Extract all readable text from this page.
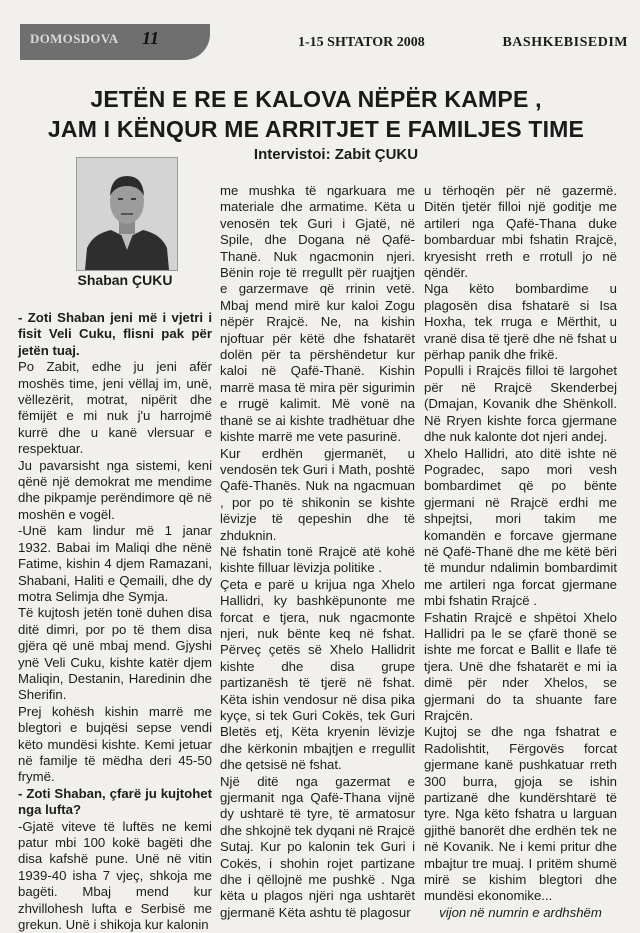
DOMOSDOVA 11	1-15 SHTATOR 2008	BASHKEBISEDIM
JETËN E RE E KALOVA NËPËR KAMPE ,
JAM I KËNQUR ME ARRITJET E FAMILJES TIME
Intervistoi: Zabit ÇUKU
Shaban ÇUKU

- Zoti Shaban jeni më i vjetri i fisit Veli Cuku, flisni pak për jetën tuaj.

Po Zabit, edhe ju jeni afër moshës time, jeni vëllaj im, unë, vëllezërit, motrat, nipërit dhe fëmijët e mi nuk j'u harrojmë kurrë dhe u kanë vlersuar e respektuar.

Ju pavarsisht nga sistemi, keni qënë një demokrat me mendime dhe pikpamje perëndimore që në moshën e vogël.

-Unë kam lindur më 1 janar 1932. Babai im Maliqi dhe nënë Fatime, kishin 4 djem Ramazani, Shabani, Haliti e Qemaili, dhe dy motra Selimja dhe Symja.

Të kujtosh jetën tonë duhen disa ditë dimri, por po të them disa gjëra që unë mbaj mend. Gjyshi ynë Veli Cuku, kishte katër djem Maliqin, Destanin, Haredinin dhe Sherifin.

Prej kohësh kishin marrë me blegtori e bujqësi sepse vendi këto mundësi kishte. Kemi jetuar në familje të mëdha deri 45-50 frymë.

- Zoti Shaban, çfarë ju kujtohet nga lufta?

-Gjatë viteve të luftës ne kemi patur mbi 100 kokë bagëti dhe disa kafshë pune. Unë në vitin 1939-40 isha 7 vjeç, shkoja me bagëti. Mbaj mend kur zhvillohesh lufta e Serbisë me grekun. Unë i shikoja kur kalonin

me mushka të ngarkuara me materiale dhe armatime. Këta u venosën tek Guri i Gjatë, në Spile, dhe Dogana në Qafë-Thanë. Nuk ngacmonin njeri. Bënin roje të rregullt për ruajtjen e garzermave që rrinin vetë. Mbaj mend mirë kur kaloi Zogu nëpër Rrajcë. Ne, na kishin njoftuar për këtë dhe fshatarët dolën për ta përshëndetur kur kaloi në Qafë-Thanë. Kishin marrë masa të mira për sigurimin e rrugë kalimit. Më vonë na thanë se ai kishte tradhëtuar dhe kishte marrë me vete pasurinë.

Kur erdhën gjermanët, u vendosën tek Guri i Math, poshtë Qafë-Thanës. Nuk na ngacmuan , por po të shikonin se kishte lëvizje të qepeshin dhe të zhduknin.

Në fshatin tonë Rrajcë atë kohë kishte filluar lëvizja politike .

Çeta e parë u krijua nga Xhelo Hallidri, ky bashkëpunonte me forcat e tjera, nuk ngacmonte njeri, nuk bënte keq në fshat. Përveç çetës së Xhelo Hallidrit kishte dhe disa grupe partizanësh të tjerë në fshat. Këta ishin vendosur në disa pika kyçe, si tek Guri Cokës, tek Guri Bletës etj, Këta kryenin lëvizje dhe kërkonin mbajtjen e rregullit dhe qetsisë në fshat.

Një ditë nga gazermat e gjermanit nga Qafë-Thana vijnë dy ushtarë të tyre, të armatosur dhe shkojnë tek dyqani në Rrajcë Sutaj. Kur po kalonin tek Guri i Cokës, i shohin rojet partizane dhe i qëllojnë me pushkë . Nga këta u plagos njëri nga ushtarët gjermanë Këta ashtu të plagosur

u tërhoqën për në gazermë. Ditën tjetër filloi një goditje me artileri nga Qafë-Thana duke bombarduar mbi fshatin Rrajcë, kryesisht rreth e rrotull jo në qëndër.

Nga këto bombardime u plagosën disa fshatarë si Isa Hoxha, tek rruga e Mërthit, u vranë disa të tjerë dhe në fshat u përhap panik dhe frikë.

Populli i Rrajcës filloi të largohet për në Rrajcë Skenderbej (Dmajan, Kovanik dhe Shënkoll. Në Rryen kishte forca gjermane dhe nuk kalonte dot njeri andej.

Xhelo Hallidri, ato ditë ishte në Pogradec, sapo mori vesh bombardimet që po bënte gjermani në Rrajcë erdhi me shpejtsi, mori takim me komandën e forcave gjermane në Qafë-Thanë dhe me këtë bëri të mundur ndalimin bombardimit me artileri nga forcat gjermane mbi fshatin Rrajcë .

Fshatin Rrajcë e shpëtoi Xhelo Hallidri pa le se çfarë thonë se ishte me forcat e Ballit e llafe të tjera. Unë dhe fshatarët e mi ia dimë për nder Xhelos, se gjermani do ta shuante fare Rrajcën.

Kujtoj se dhe nga fshatrat e Radolishtit, Fërgovës forcat gjermane kanë pushkatuar rreth 300 burra, gjoja se ishin partizanë dhe kundërshtarë të tyre. Nga këto fshatra u larguan gjithë banorët dhe erdhën tek ne në Kovanik. Ne i kemi pritur dhe mbajtur tre muaj. I pritëm shumë mirë se kishim blegtori dhe mundësi ekonomike...

vijon në numrin e ardhshëm
